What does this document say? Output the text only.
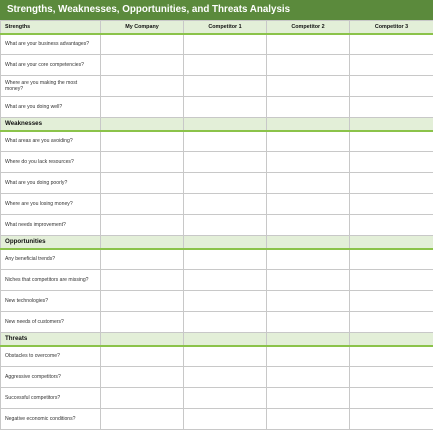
Strengths, Weaknesses, Opportunities, and Threats Analysis
Strengths	My Company	Competitor 1	Competitor 2	Competitor 3
What are your business advantages?				
What are your core competencies?				
Where are you making the most money?				
What are you doing well?				
Weaknesses				
What areas are you avoiding?				
Where do you lack resources?				
What are you doing poorly?				
Where are you losing money?				
What needs improvement?				
Opportunities				
Any beneficial trends?				
Niches that competitors are missing?				
New technologies?				
New needs of customers?				
Threats				
Obstacles to overcome?				
Aggressive competitors?				
Successful competitors?				
Negative economic conditions?				
